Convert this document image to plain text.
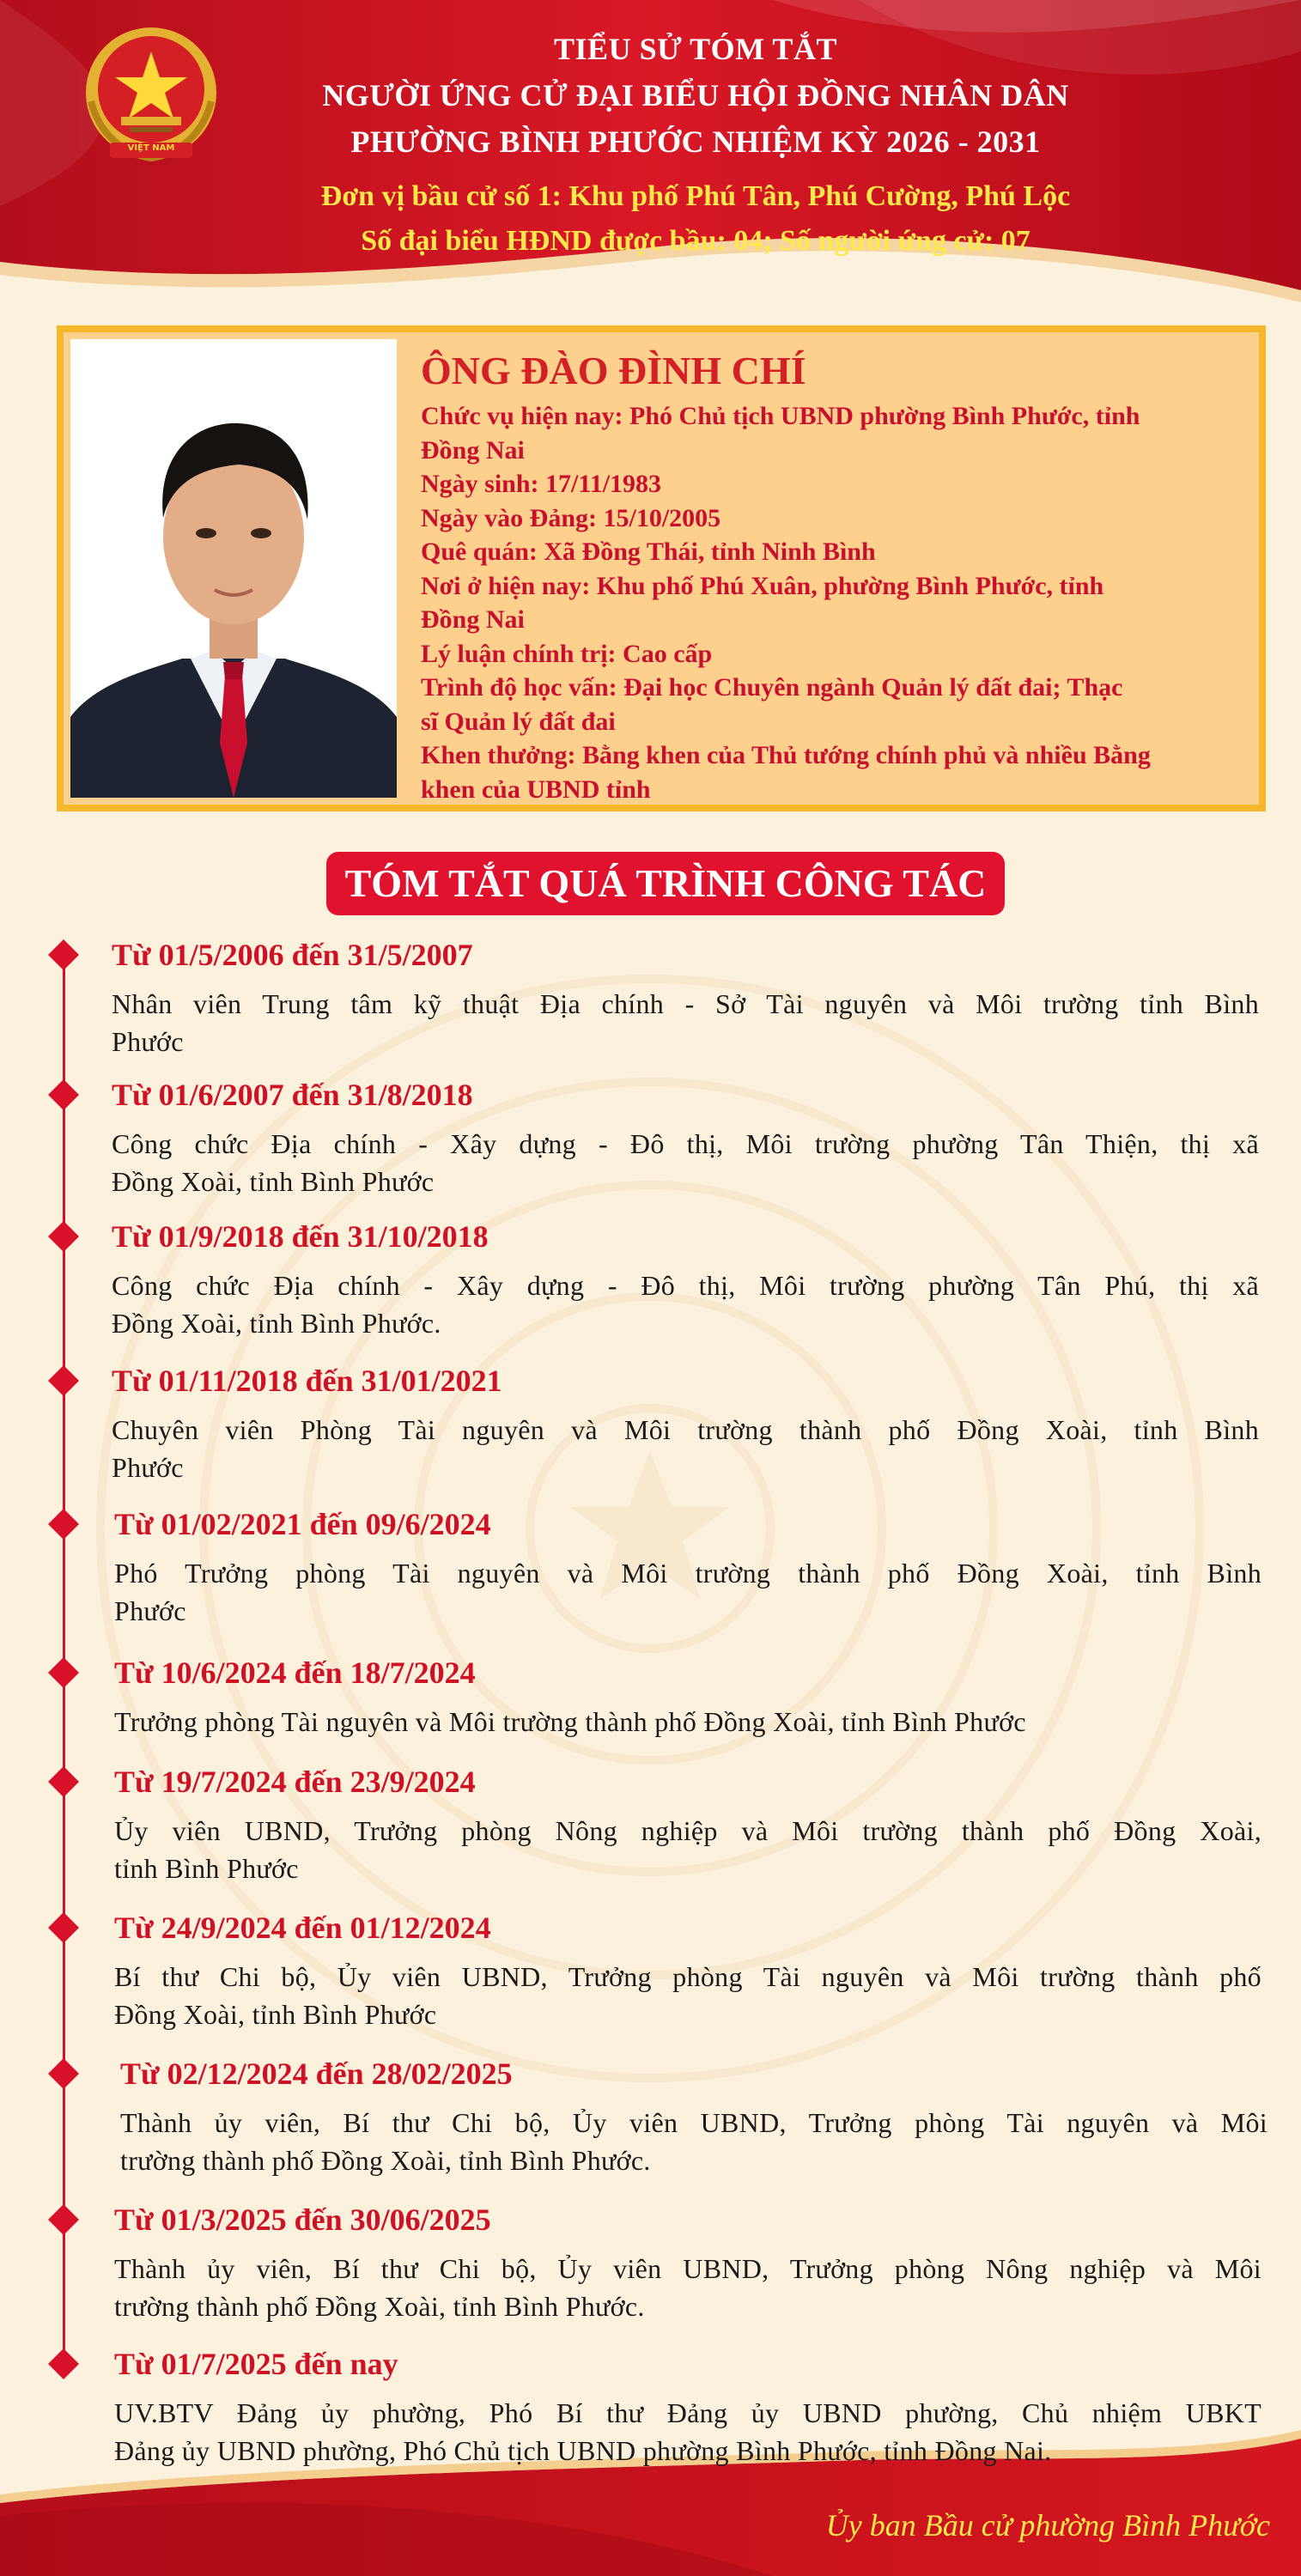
VIỆT NAM
TIỂU SỬ TÓM TẮT
NGƯỜI ỨNG CỬ ĐẠI BIỂU HỘI ĐỒNG NHÂN DÂN
PHƯỜNG BÌNH PHƯỚC NHIỆM KỲ 2026 - 2031
Đơn vị bầu cử số 1: Khu phố Phú Tân, Phú Cường, Phú Lộc
Số đại biểu HĐND được bầu: 04; Số người ứng cử: 07
ÔNG ĐÀO ĐÌNH CHÍ
Chức vụ hiện nay: Phó Chủ tịch UBND phường Bình Phước, tỉnh
Đồng Nai
Ngày sinh: 17/11/1983
Ngày vào Đảng: 15/10/2005
Quê quán: Xã Đồng Thái, tỉnh Ninh Bình
Nơi ở hiện nay: Khu phố Phú Xuân, phường Bình Phước, tỉnh
Đồng Nai
Lý luận chính trị: Cao cấp
Trình độ học vấn: Đại học Chuyên ngành Quản lý đất đai; Thạc
sĩ Quản lý đất đai
Khen thưởng: Bằng khen của Thủ tướng chính phủ và nhiều Bằng
khen của UBND tỉnh
TÓM TẮT QUÁ TRÌNH CÔNG TÁC
Từ 01/5/2006 đến 31/5/2007
Nhân viên Trung tâm kỹ thuật Địa chính - Sở Tài nguyên và Môi trường tỉnh Bình
Phước
Từ 01/6/2007 đến 31/8/2018
Công chức Địa chính - Xây dựng - Đô thị, Môi trường phường Tân Thiện, thị xã
Đồng Xoài, tỉnh Bình Phước
Từ 01/9/2018 đến 31/10/2018
Công chức Địa chính - Xây dựng - Đô thị, Môi trường phường Tân Phú, thị xã
Đồng Xoài, tỉnh Bình Phước.
Từ 01/11/2018 đến 31/01/2021
Chuyên viên Phòng Tài nguyên và Môi trường thành phố Đồng Xoài, tỉnh Bình
Phước
Từ 01/02/2021 đến 09/6/2024
Phó Trưởng phòng Tài nguyên và Môi trường thành phố Đồng Xoài, tỉnh Bình
Phước
Từ 10/6/2024 đến 18/7/2024
Trưởng phòng Tài nguyên và Môi trường thành phố Đồng Xoài, tỉnh Bình Phước
Từ 19/7/2024 đến 23/9/2024
Ủy viên UBND, Trưởng phòng Nông nghiệp và Môi trường thành phố Đồng Xoài,
tỉnh Bình Phước
Từ 24/9/2024 đến 01/12/2024
Bí thư Chi bộ, Ủy viên UBND, Trưởng phòng Tài nguyên và Môi trường thành phố
Đồng Xoài, tỉnh Bình Phước
Từ 02/12/2024 đến 28/02/2025
Thành ủy viên, Bí thư Chi bộ, Ủy viên UBND, Trưởng phòng Tài nguyên và Môi
trường thành phố Đồng Xoài, tỉnh Bình Phước.
Từ 01/3/2025 đến 30/06/2025
Thành ủy viên, Bí thư Chi bộ, Ủy viên UBND, Trưởng phòng Nông nghiệp và Môi
trường thành phố Đồng Xoài, tỉnh Bình Phước.
Từ 01/7/2025 đến nay
UV.BTV Đảng ủy phường, Phó Bí thư Đảng ủy UBND phường, Chủ nhiệm UBKT
Đảng ủy UBND phường, Phó Chủ tịch UBND phường Bình Phước, tỉnh Đồng Nai.
Ủy ban Bầu cử phường Bình Phước
